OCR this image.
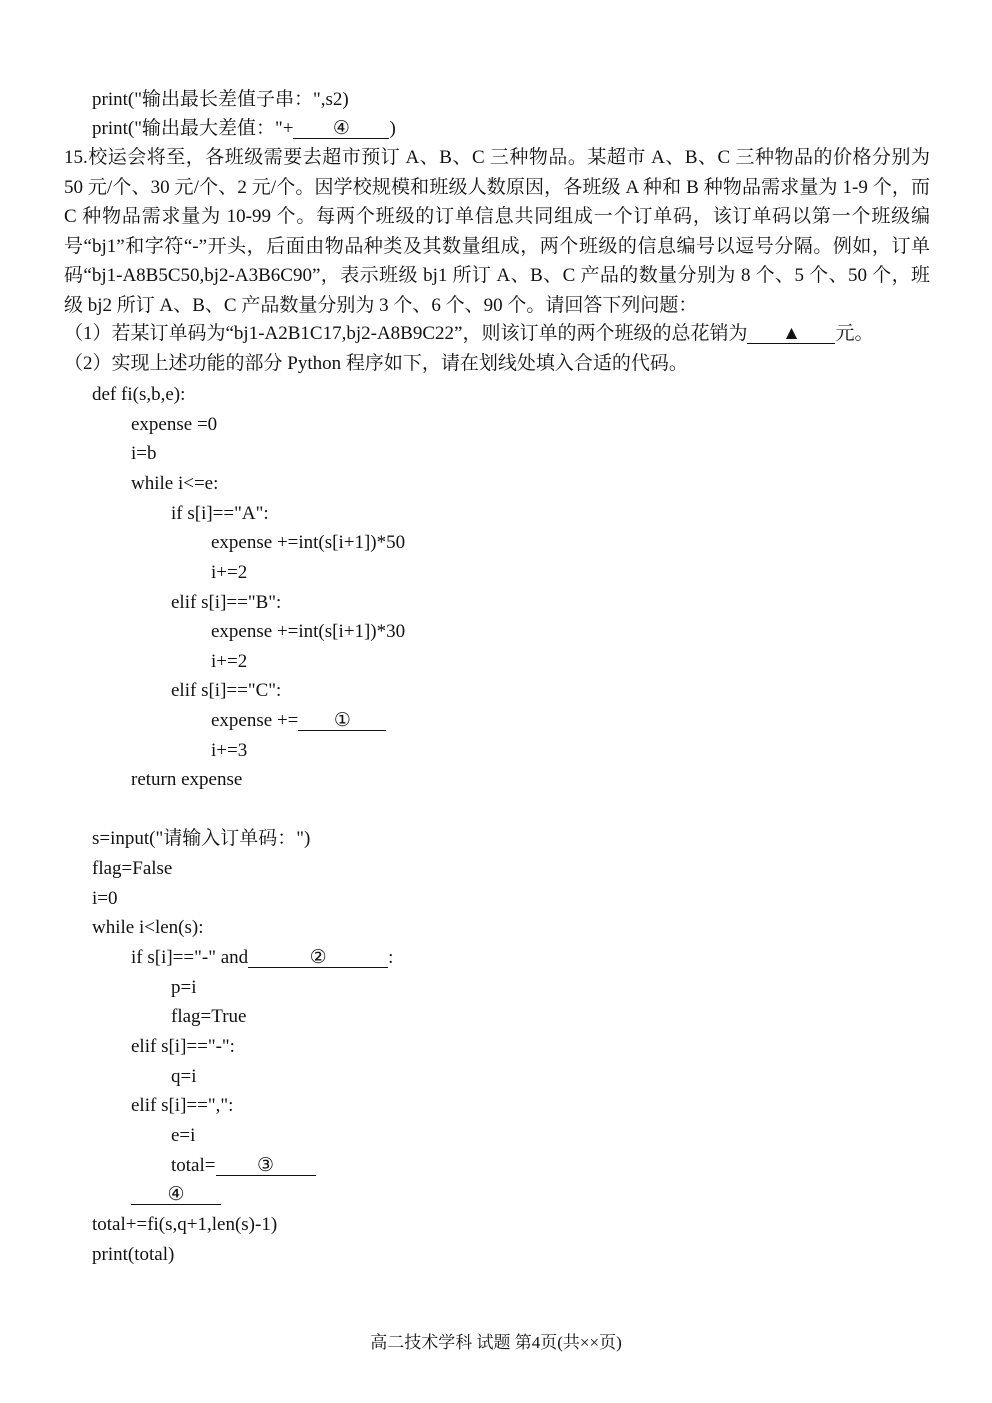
print("输出最长差值子串：",s2)
print("输出最大差值："+ ④ )
15.校运会将至，各班级需要去超市预订 A、B、C 三种物品。某超市 A、B、C 三种物品的价格分别为 50 元/个、30 元/个、2 元/个。因学校规模和班级人数原因，各班级 A 种和 B 种物品需求量为 1-9 个，而 C 种物品需求量为 10-99 个。每两个班级的订单信息共同组成一个订单码，该订单码以第一个班级编号“bj1”和字符“-”开头，后面由物品种类及其数量组成，两个班级的信息编号以逗号分隔。例如，订单码“bj1-A8B5C50,bj2-A3B6C90”，表示班级 bj1 所订 A、B、C 产品的数量分别为 8 个、5 个、50 个，班级 bj2 所订 A、B、C 产品数量分别为 3 个、6 个、90 个。请回答下列问题：
（1）若某订单码为“bj1-A2B1C17,bj2-A8B9C22”，则该订单的两个班级的总花销为 ▲ 元。
（2）实现上述功能的部分 Python 程序如下，请在划线处填入合适的代码。
def fi(s,b,e):
expense =0
i=b
while i<=e:
if s[i]=="A":
expense +=int(s[i+1])*50
i+=2
elif s[i]=="B":
expense +=int(s[i+1])*30
i+=2
elif s[i]=="C":
expense += ①
i+=3
return expense
s=input("请输入订单码：")
flag=False
i=0
while i<len(s):
if s[i]=="-" and	②	:
p=i
flag=True
elif s[i]=="-":
q=i
elif s[i]==",":
e=i
total= ③
④
total+=fi(s,q+1,len(s)-1)
print(total)
高二技术学科 试题 第4页(共××页)
